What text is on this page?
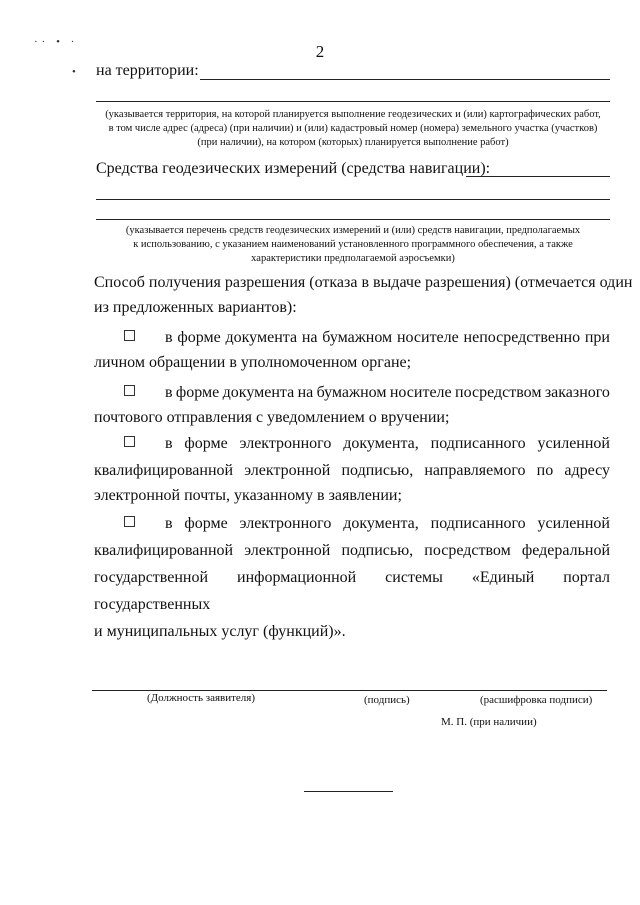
·· • ·
•
2
на территории:
(указывается территория, на которой планируется выполнение геодезических и (или) картографических работ,
в том числе адрес (адреса) (при наличии) и (или) кадастровый номер (номера) земельного участка (участков)
(при наличии), на котором (которых) планируется выполнение работ)
Средства геодезических измерений (средства навигации):
(указывается перечень средств геодезических измерений и (или) средств навигации, предполагаемых
к использованию, с указанием наименований установленного программного обеспечения, а также
характеристики предполагаемой аэросъемки)
Способ получения разрешения (отказа в выдаче разрешения) (отмечается один
из предложенных вариантов):
в форме документа на бумажном носителе непосредственно при
личном обращении в уполномоченном органе;
в форме документа на бумажном носителе посредством заказного
почтового отправления с уведомлением о вручении;
в форме электронного документа, подписанного усиленной
квалифицированной электронной подписью, направляемого по адресу
электронной почты, указанному в заявлении;
в форме электронного документа, подписанного усиленной
квалифицированной электронной подписью, посредством федеральной
государственной информационной системы «Единый портал государственных
и муниципальных услуг (функций)».
(Должность заявителя)	(подпись)	(расшифровка подписи)
М. П. (при наличии)
